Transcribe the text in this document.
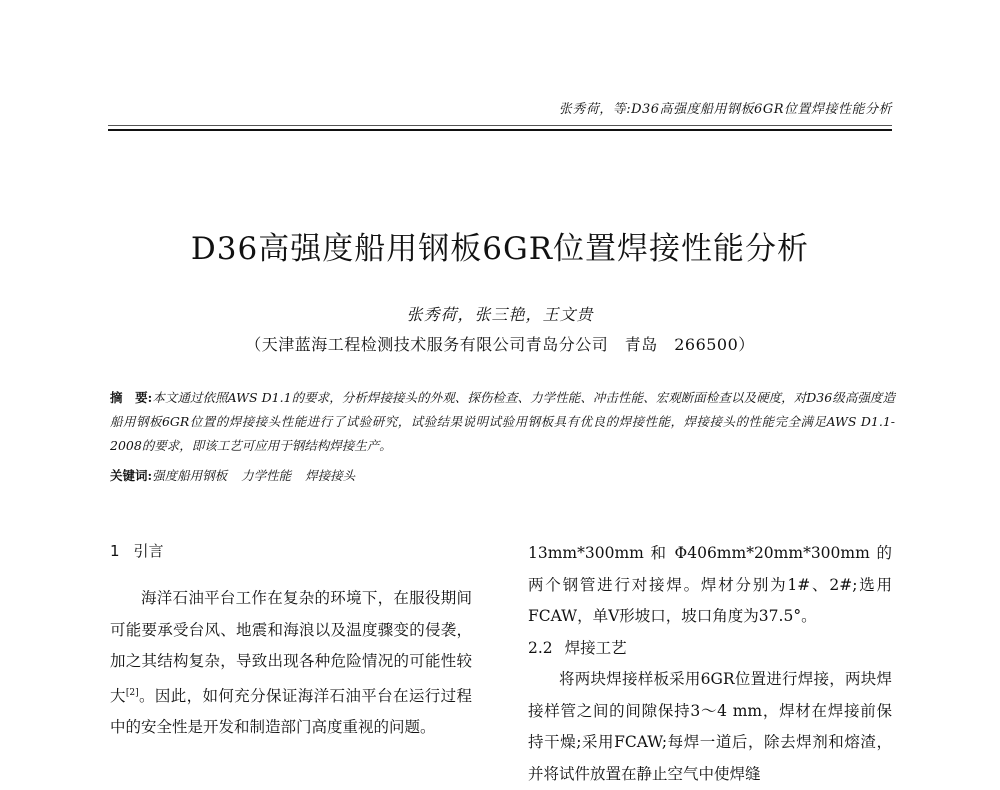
张秀荷，等:D36高强度船用钢板6GR位置焊接性能分析
D36高强度船用钢板6GR位置焊接性能分析
张秀荷，张三艳，王文贵
（天津蓝海工程检测技术服务有限公司青岛分公司　青岛　266500）
摘　要:本文通过依照AWS D1.1的要求，分析焊接接头的外观、探伤检查、力学性能、冲击性能、宏观断面检查以及硬度，对D36级高强度造船用钢板6GR位置的焊接接头性能进行了试验研究，试验结果说明试验用钢板具有优良的焊接性能，焊接接头的性能完全满足AWS D1.1-2008的要求，即该工艺可应用于钢结构焊接生产。
关键词:强度船用钢板 力学性能 焊接接头
1 引言
海洋石油平台工作在复杂的环境下，在服役期间可能要承受台风、地震和海浪以及温度骤变的侵袭，加之其结构复杂，导致出现各种危险情况的可能性较大[2]。因此，如何充分保证海洋石油平台在运行过程中的安全性是开发和制造部门高度重视的问题。
13mm*300mm 和 Φ406mm*20mm*300mm 的两个钢管进行对接焊。焊材分别为1#、2#;选用FCAW，单V形坡口，坡口角度为37.5°。
2.2 焊接工艺
将两块焊接样板采用6GR位置进行焊接，两块焊接样管之间的间隙保持3～4 mm，焊材在焊接前保持干燥;采用FCAW;每焊一道后，除去焊剂和熔渣，并将试件放置在静止空气中使焊缝
